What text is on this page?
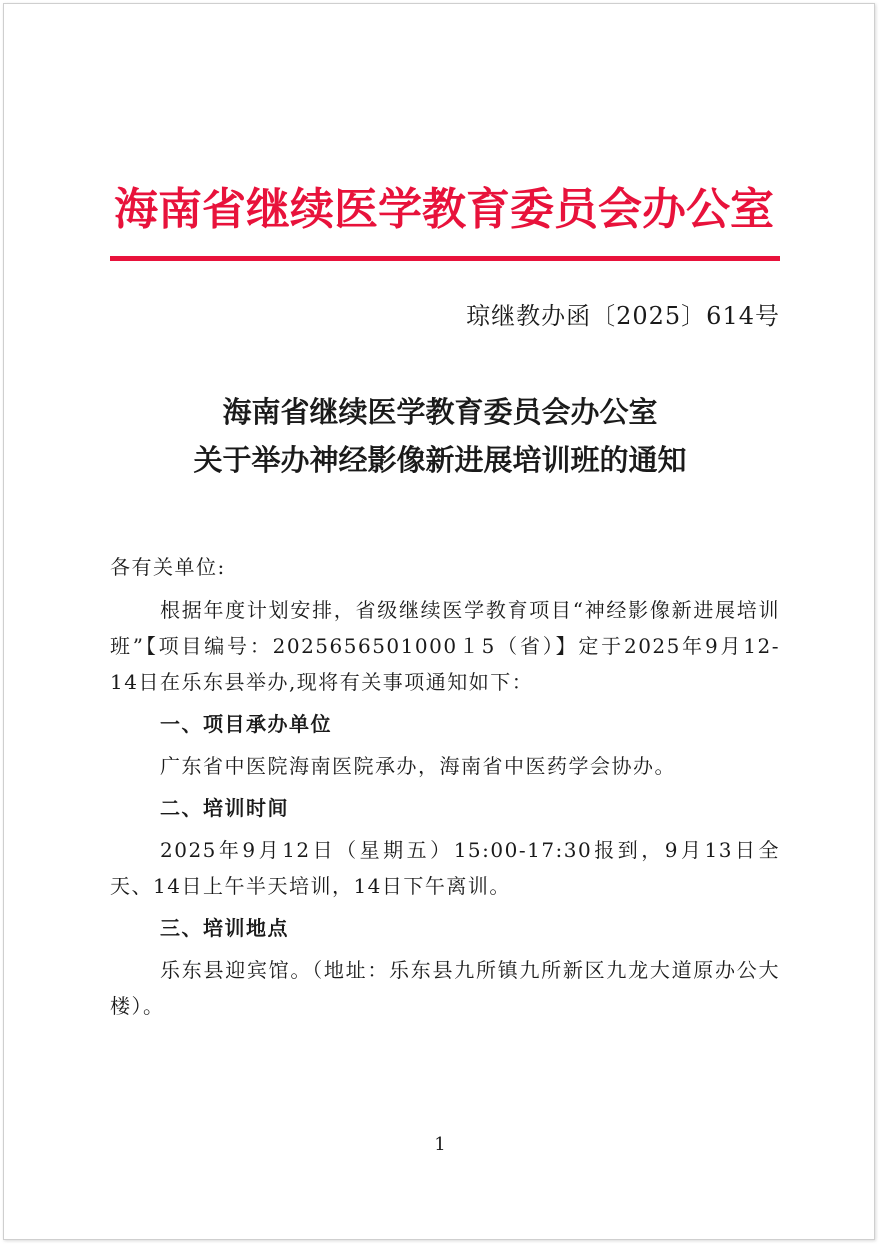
海南省继续医学教育委员会办公室
琼继教办函〔2025〕614号
海南省继续医学教育委员会办公室
关于举办神经影像新进展培训班的通知

各有关单位:

根据年度计划安排，省级继续医学教育项目“神经影像新进展培训班”【项目编号：2025656501000１5（省）】定于2025年9月12-14日在乐东县举办,现将有关事项通知如下：

一、项目承办单位

广东省中医院海南医院承办，海南省中医药学会协办。

二、培训时间

2025年9月12日（星期五）15:00-17:30报到，9月13日全天、14日上午半天培训，14日下午离训。

三、培训地点

乐东县迎宾馆。（地址：乐东县九所镇九所新区九龙大道原办公大楼）。

1
